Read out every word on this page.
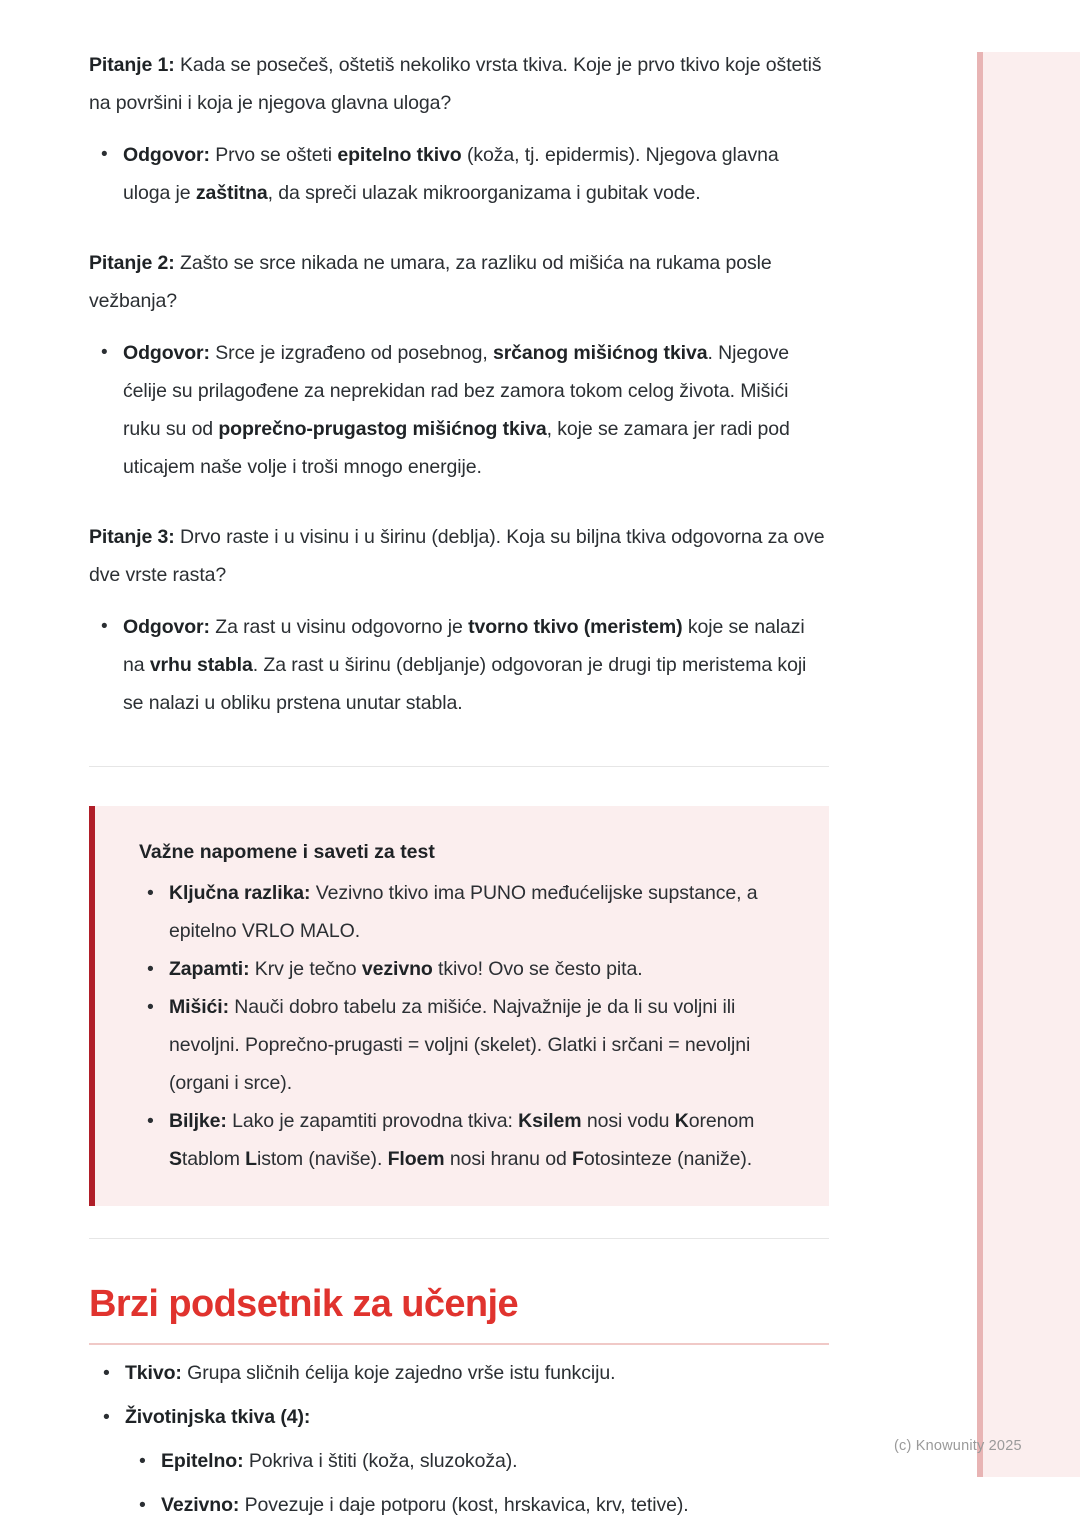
Pitanje 1: Kada se posečeš, oštetiš nekoliko vrsta tkiva. Koje je prvo tkivo koje oštetiš na površini i koja je njegova glavna uloga?

• Odgovor: Prvo se ošteti epitelno tkivo (koža, tj. epidermis). Njegova glavna uloga je zaštitna, da spreči ulazak mikroorganizama i gubitak vode.

Pitanje 2: Zašto se srce nikada ne umara, za razliku od mišića na rukama posle vežbanja?

• Odgovor: Srce je izgrađeno od posebnog, srčanog mišićnog tkiva. Njegove ćelije su prilagođene za neprekidan rad bez zamora tokom celog života. Mišići ruku su od poprečno-prugastog mišićnog tkiva, koje se zamara jer radi pod uticajem naše volje i troši mnogo energije.

Pitanje 3: Drvo raste i u visinu i u širinu (deblja). Koja su biljna tkiva odgovorna za ove dve vrste rasta?

• Odgovor: Za rast u visinu odgovorno je tvorno tkivo (meristem) koje se nalazi na vrhu stabla. Za rast u širinu (debljanje) odgovoran je drugi tip meristema koji se nalazi u obliku prstena unutar stabla.
Važne napomene i saveti za test
• Ključna razlika: Vezivno tkivo ima PUNO međućelijske supstance, a epitelno VRLO MALO.
• Zapamti: Krv je tečno vezivno tkivo! Ovo se često pita.
• Mišići: Nauči dobro tabelu za mišiće. Najvažnije je da li su voljni ili nevoljni. Poprečno-prugasti = voljni (skelet). Glatki i srčani = nevoljni (organi i srce).
• Biljke: Lako je zapamtiti provodna tkiva: Ksilem nosi vodu Korenom Stablom Listom (naviše). Floem nosi hranu od Fotosinteze (naniže).
Brzi podsetnik za učenje
• Tkivo: Grupa sličnih ćelija koje zajedno vrše istu funkciju.
• Životinjska tkiva (4):
• Epitelno: Pokriva i štiti (koža, sluzokoža).
• Vezivno: Povezuje i daje potporu (kost, hrskavica, krv, tetive).
(c) Knowunity 2025
